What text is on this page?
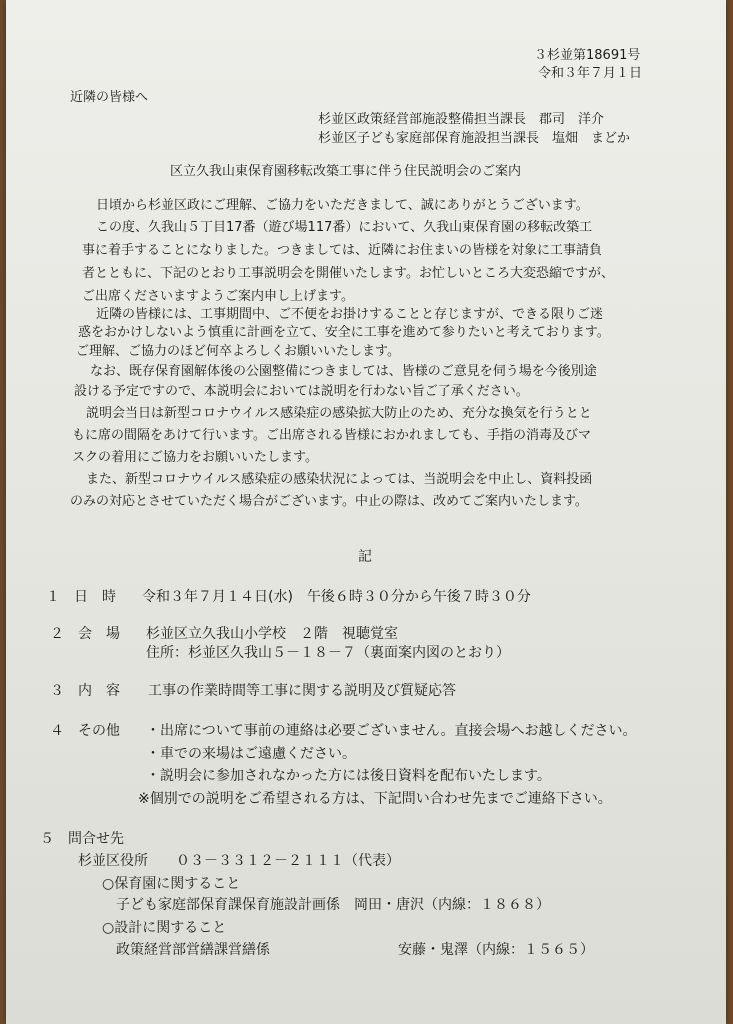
３杉並第18691号
令和３年７月１日
近隣の皆様へ
杉並区政策経営部施設整備担当課長　郡司　洋介
杉並区子ども家庭部保育施設担当課長　塩畑　まどか
区立久我山東保育園移転改築工事に伴う住民説明会のご案内
日頃から杉並区政にご理解、ご協力をいただきまして、誠にありがとうございます。
この度、久我山５丁目17番（遊び場117番）において、久我山東保育園の移転改築工
事に着手することになりました。つきましては、近隣にお住まいの皆様を対象に工事請負
者とともに、下記のとおり工事説明会を開催いたします。お忙しいところ大変恐縮ですが、
ご出席くださいますようご案内申し上げます。
近隣の皆様には、工事期間中、ご不便をお掛けすることと存じますが、できる限りご迷
惑をおかけしないよう慎重に計画を立て、安全に工事を進めて参りたいと考えております。
ご理解、ご協力のほど何卒よろしくお願いいたします。
なお、既存保育園解体後の公園整備につきましては、皆様のご意見を伺う場を今後別途
設ける予定ですので、本説明会においては説明を行わない旨ご了承ください。
説明会当日は新型コロナウイルス感染症の感染拡大防止のため、充分な換気を行うとと
もに席の間隔をあけて行います。ご出席される皆様におかれましても、手指の消毒及びマ
スクの着用にご協力をお願いいたします。
また、新型コロナウイルス感染症の感染状況によっては、当説明会を中止し、資料投函
のみの対応とさせていただく場合がございます。中止の際は、改めてご案内いたします。
記
１　日　時 令和３年７月１４日(水)　午後６時３０分から午後７時３０分
２　会　場 杉並区立久我山小学校　２階　視聴覚室
住所：杉並区久我山５－１８－７（裏面案内図のとおり）
３　内　容 工事の作業時間等工事に関する説明及び質疑応答
４　その他 ・出席について事前の連絡は必要ございません。直接会場へお越しください。
・車での来場はご遠慮ください。
・説明会に参加されなかった方には後日資料を配布いたします。
※個別での説明をご希望される方は、下記問い合わせ先までご連絡下さい。
５　問合せ先
杉並区役所　　０３－３３１２－２１１１（代表）
○保育園に関すること
子ども家庭部保育課保育施設計画係　岡田・唐沢（内線：１８６８）
○設計に関すること
政策経営部営繕課営繕係	安藤・鬼澤（内線：１５６５）
